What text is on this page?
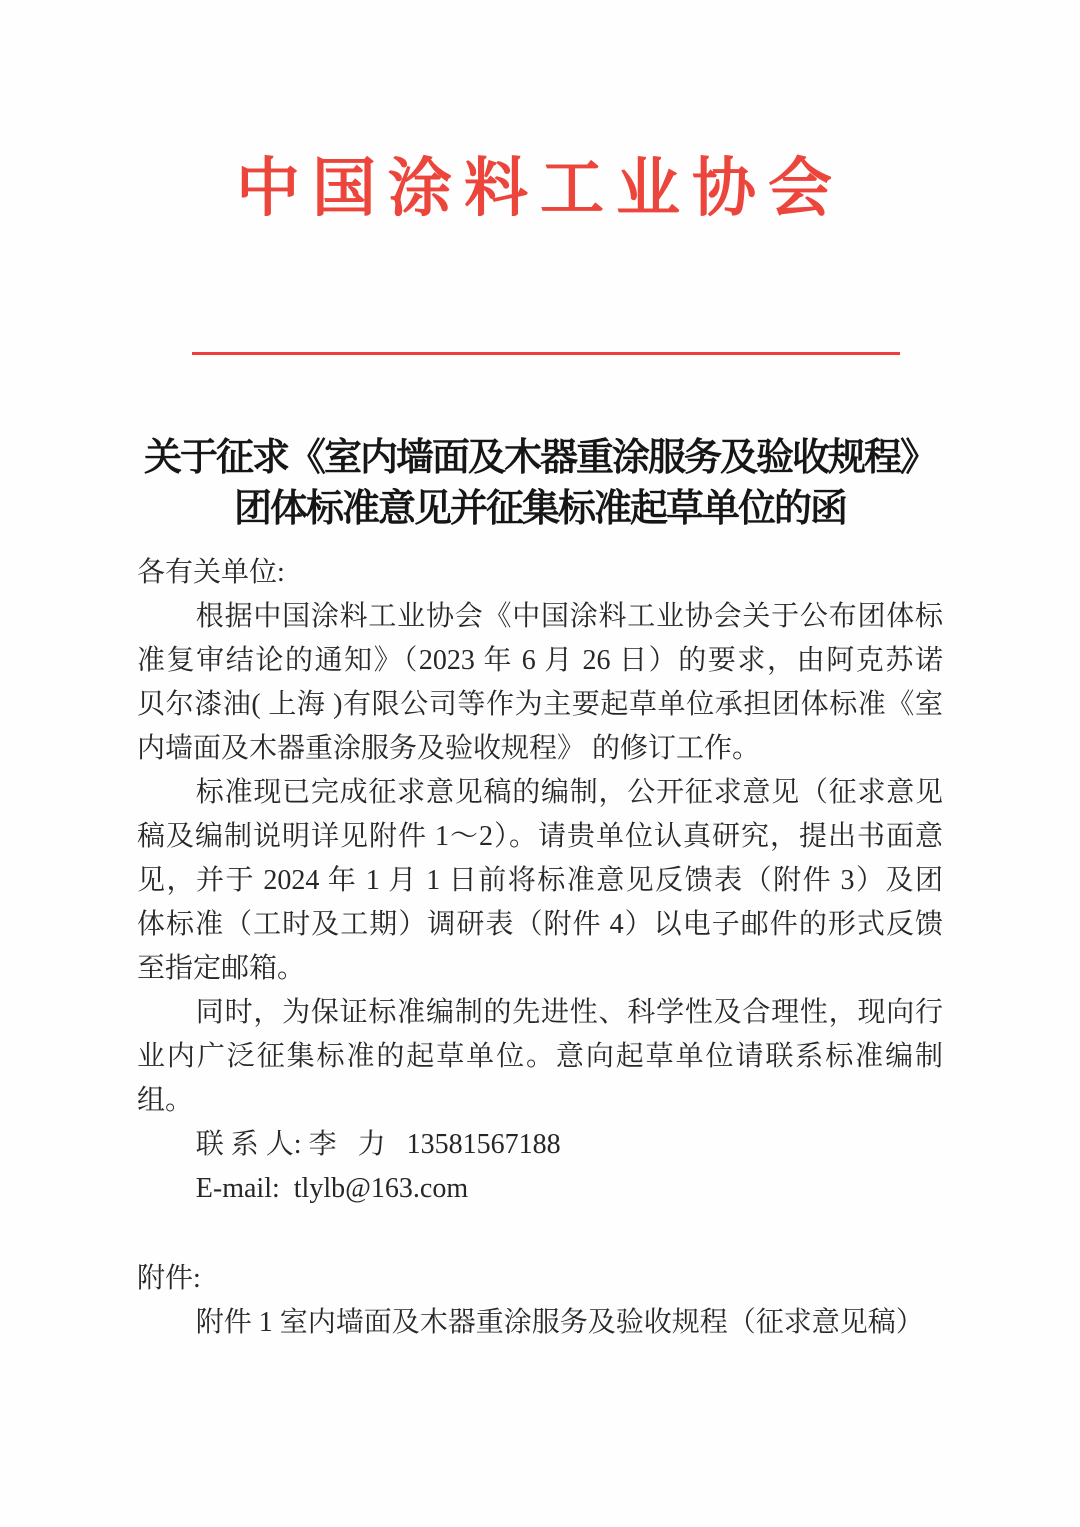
中国涂料工业协会
关于征求《室内墙面及木器重涂服务及验收规程》
团体标准意见并征集标准起草单位的函
各有关单位:
根据中国涂料工业协会《中国涂料工业协会关于公布团体标
准复审结论的通知》（2023 年 6 月 26 日）的要求，由阿克苏诺
贝尔漆油( 上海 )有限公司等作为主要起草单位承担团体标准《室
内墙面及木器重涂服务及验收规程》 的修订工作。
标准现已完成征求意见稿的编制，公开征求意见（征求意见
稿及编制说明详见附件 1～2）。请贵单位认真研究，提出书面意
见，并于 2024 年 1 月 1 日前将标准意见反馈表（附件 3）及团
体标准（工时及工期）调研表（附件 4）以电子邮件的形式反馈
至指定邮箱。
同时，为保证标准编制的先进性、科学性及合理性，现向行
业内广泛征集标准的起草单位。意向起草单位请联系标准编制
组。
联 系 人: 李   力   13581567188
E-mail:  tlylb@163.com
附件:
附件 1 室内墙面及木器重涂服务及验收规程（征求意见稿）
